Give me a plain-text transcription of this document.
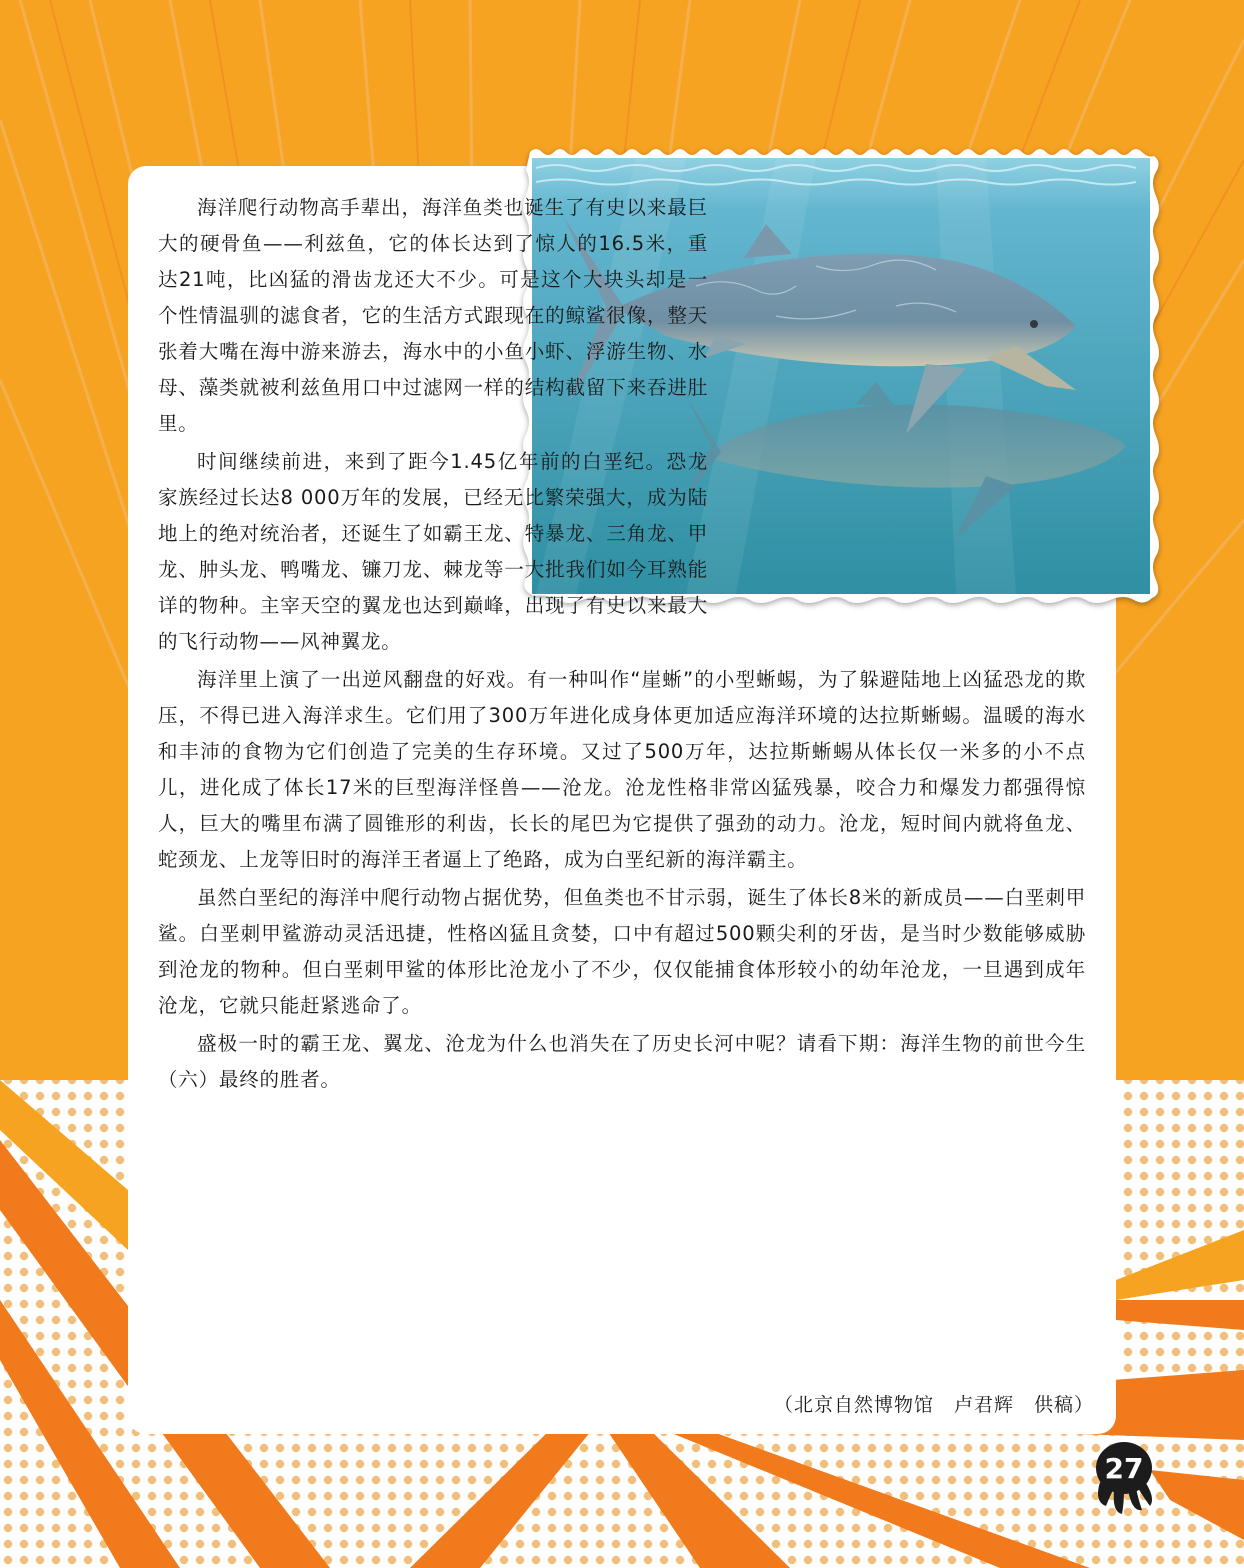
海洋爬行动物高手辈出，海洋鱼类也诞生了有史以来最巨大的硬骨鱼——利兹鱼，它的体长达到了惊人的16.5米，重达21吨，比凶猛的滑齿龙还大不少。可是这个大块头却是一个性情温驯的滤食者，它的生活方式跟现在的鲸鲨很像，整天张着大嘴在海中游来游去，海水中的小鱼小虾、浮游生物、水母、藻类就被利兹鱼用口中过滤网一样的结构截留下来吞进肚里。

时间继续前进，来到了距今1.45亿年前的白垩纪。恐龙家族经过长达8 000万年的发展，已经无比繁荣强大，成为陆地上的绝对统治者，还诞生了如霸王龙、特暴龙、三角龙、甲龙、肿头龙、鸭嘴龙、镰刀龙、棘龙等一大批我们如今耳熟能详的物种。主宰天空的翼龙也达到巅峰，出现了有史以来最大的飞行动物——风神翼龙。

海洋里上演了一出逆风翻盘的好戏。有一种叫作“崖蜥”的小型蜥蜴，为了躲避陆地上凶猛恐龙的欺压，不得已进入海洋求生。它们用了300万年进化成身体更加适应海洋环境的达拉斯蜥蜴。温暖的海水和丰沛的食物为它们创造了完美的生存环境。又过了500万年，达拉斯蜥蜴从体长仅一米多的小不点儿，进化成了体长17米的巨型海洋怪兽——沧龙。沧龙性格非常凶猛残暴，咬合力和爆发力都强得惊人，巨大的嘴里布满了圆锥形的利齿，长长的尾巴为它提供了强劲的动力。沧龙，短时间内就将鱼龙、蛇颈龙、上龙等旧时的海洋王者逼上了绝路，成为白垩纪新的海洋霸主。

虽然白垩纪的海洋中爬行动物占据优势，但鱼类也不甘示弱，诞生了体长8米的新成员——白垩刺甲鲨。白垩刺甲鲨游动灵活迅捷，性格凶猛且贪婪，口中有超过500颗尖利的牙齿，是当时少数能够威胁到沧龙的物种。但白垩刺甲鲨的体形比沧龙小了不少，仅仅能捕食体形较小的幼年沧龙，一旦遇到成年沧龙，它就只能赶紧逃命了。

盛极一时的霸王龙、翼龙、沧龙为什么也消失在了历史长河中呢？请看下期：海洋生物的前世今生（六）最终的胜者。

（北京自然博物馆　卢君辉　供稿）
27
